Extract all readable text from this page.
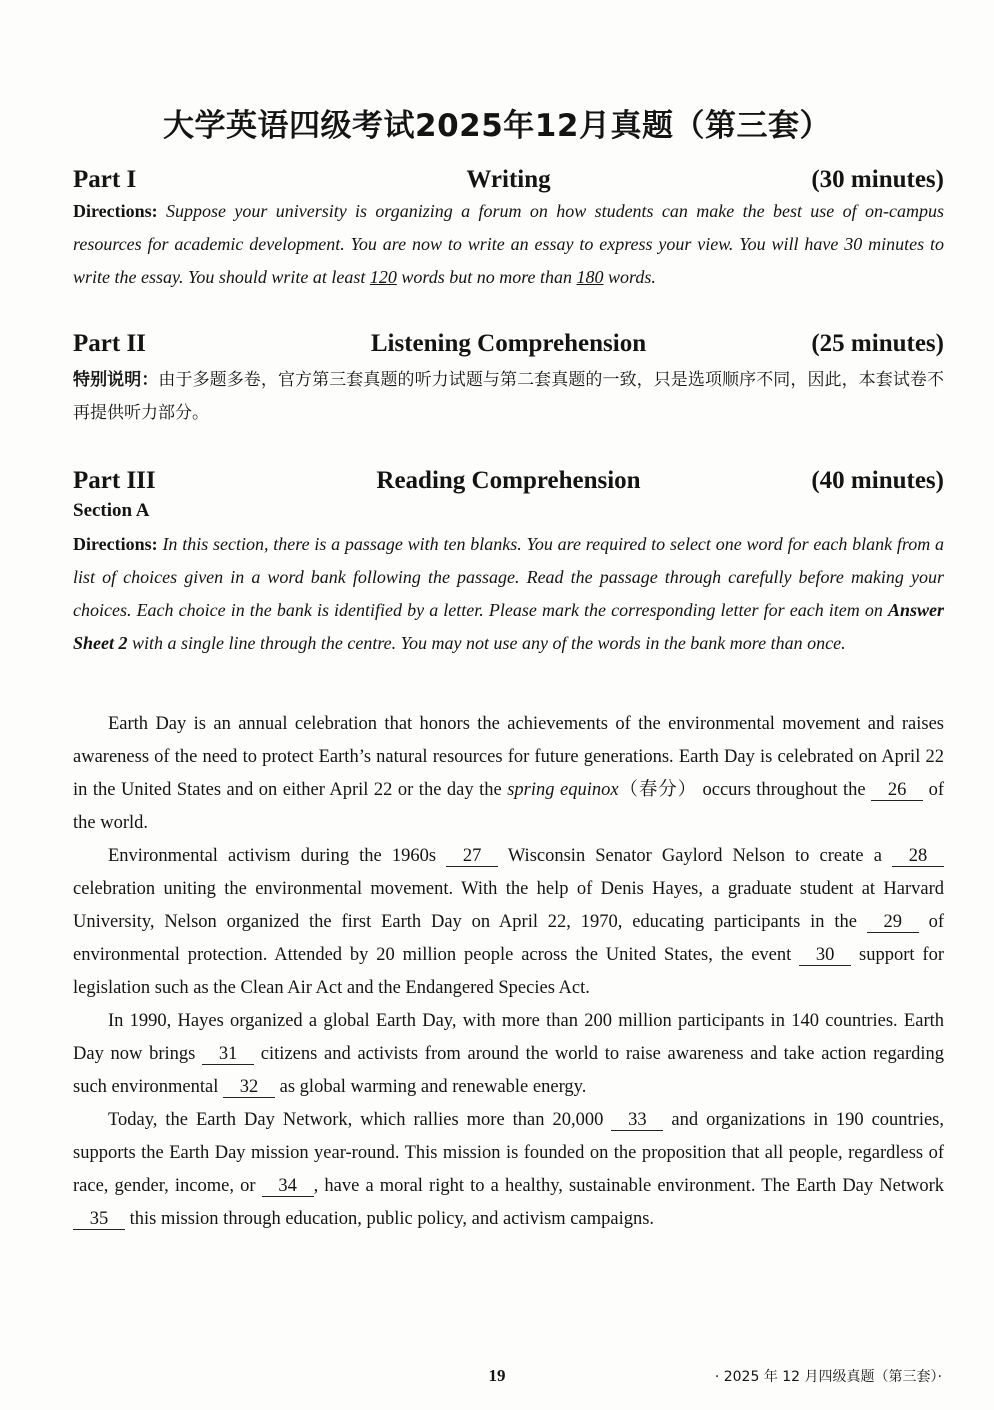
大学英语四级考试2025年12月真题（第三套）
Part I	Writing	(30 minutes)
Directions: Suppose your university is organizing a forum on how students can make the best use of on-campus resources for academic development. You are now to write an essay to express your view. You will have 30 minutes to write the essay. You should write at least 120 words but no more than 180 words.
Part II	Listening Comprehension	(25 minutes)
特别说明：由于多题多卷，官方第三套真题的听力试题与第二套真题的一致，只是选项顺序不同，因此，本套试卷不再提供听力部分。
Part III	Reading Comprehension	(40 minutes)
Section A
Directions: In this section, there is a passage with ten blanks. You are required to select one word for each blank from a list of choices given in a word bank following the passage. Read the passage through carefully before making your choices. Each choice in the bank is identified by a letter. Please mark the corresponding letter for each item on Answer Sheet 2 with a single line through the centre. You may not use any of the words in the bank more than once.

Earth Day is an annual celebration that honors the achievements of the environmental movement and raises awareness of the need to protect Earth’s natural resources for future generations. Earth Day is celebrated on April 22 in the United States and on either April 22 or the day the spring equinox（春分） occurs throughout the 26 of the world.

Environmental activism during the 1960s 27 Wisconsin Senator Gaylord Nelson to create a 28 celebration uniting the environmental movement. With the help of Denis Hayes, a graduate student at Harvard University, Nelson organized the first Earth Day on April 22, 1970, educating participants in the 29 of environmental protection. Attended by 20 million people across the United States, the event 30 support for legislation such as the Clean Air Act and the Endangered Species Act.

In 1990, Hayes organized a global Earth Day, with more than 200 million participants in 140 countries. Earth Day now brings 31 citizens and activists from around the world to raise awareness and take action regarding such environmental 32 as global warming and renewable energy.

Today, the Earth Day Network, which rallies more than 20,000 33 and organizations in 190 countries, supports the Earth Day mission year-round. This mission is founded on the proposition that all people, regardless of race, gender, income, or 34 , have a moral right to a healthy, sustainable environment. The Earth Day Network 35 this mission through education, public policy, and activism campaigns.

19	· 2025 年 12 月四级真题（第三套）·
